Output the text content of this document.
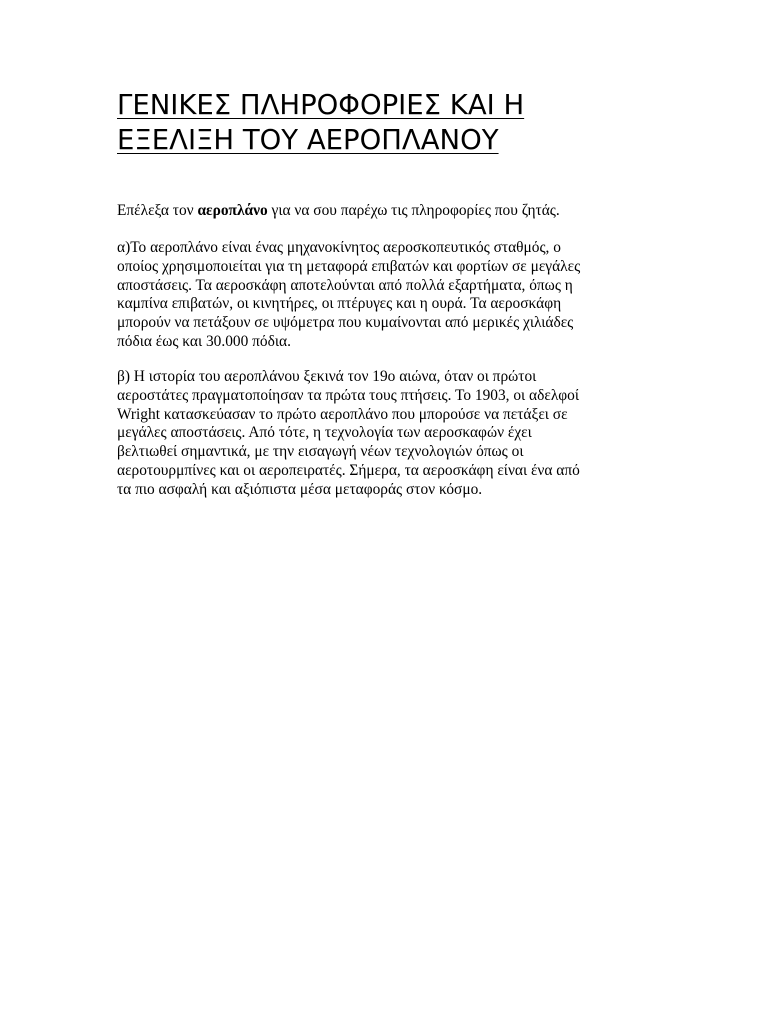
ΓΕΝΙΚΕΣ ΠΛΗΡΟΦΟΡΙΕΣ ΚΑΙ Η
ΕΞΕΛΙΞΗ ΤΟΥ ΑΕΡΟΠΛΑΝΟΥ

Επέλεξα τον αεροπλάνο για να σου παρέχω τις πληροφορίες που ζητάς.

α)Το αεροπλάνο είναι ένας μηχανοκίνητος αεροσκοπευτικός σταθμός, ο
οποίος χρησιμοποιείται για τη μεταφορά επιβατών και φορτίων σε μεγάλες
αποστάσεις. Τα αεροσκάφη αποτελούνται από πολλά εξαρτήματα, όπως η
καμπίνα επιβατών, οι κινητήρες, οι πτέρυγες και η ουρά. Τα αεροσκάφη
μπορούν να πετάξουν σε υψόμετρα που κυμαίνονται από μερικές χιλιάδες
πόδια έως και 30.000 πόδια.

β) Η ιστορία του αεροπλάνου ξεκινά τον 19ο αιώνα, όταν οι πρώτοι
αεροστάτες πραγματοποίησαν τα πρώτα τους πτήσεις. Το 1903, οι αδελφοί
Wright κατασκεύασαν το πρώτο αεροπλάνο που μπορούσε να πετάξει σε
μεγάλες αποστάσεις. Από τότε, η τεχνολογία των αεροσκαφών έχει
βελτιωθεί σημαντικά, με την εισαγωγή νέων τεχνολογιών όπως οι
αεροτουρμπίνες και οι αεροπειρατές. Σήμερα, τα αεροσκάφη είναι ένα από
τα πιο ασφαλή και αξιόπιστα μέσα μεταφοράς στον κόσμο.
